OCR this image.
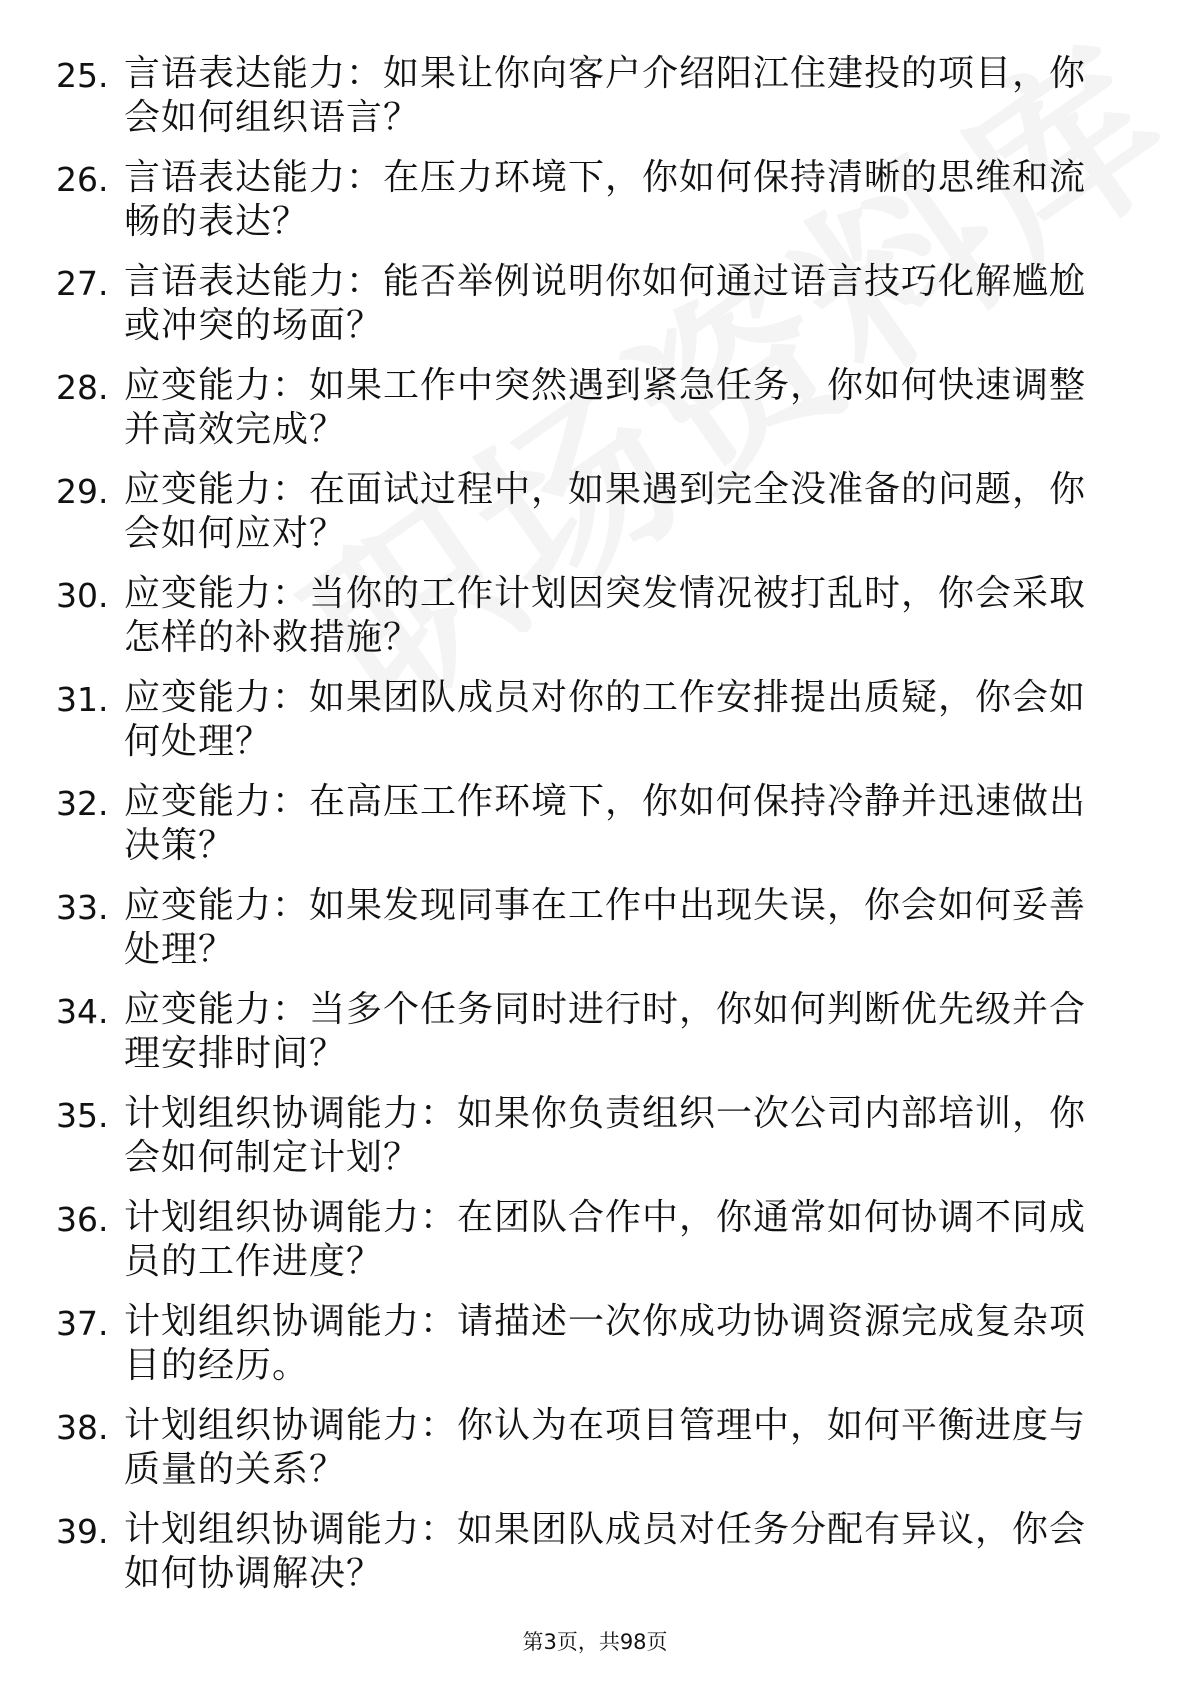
25. 言语表达能力：如果让你向客户介绍阳江住建投的项目，你会如何组织语言？
26. 言语表达能力：在压力环境下，你如何保持清晰的思维和流畅的表达？
27. 言语表达能力：能否举例说明你如何通过语言技巧化解尴尬或冲突的场面？
28. 应变能力：如果工作中突然遇到紧急任务，你如何快速调整并高效完成？
29. 应变能力：在面试过程中，如果遇到完全没准备的问题，你会如何应对？
30. 应变能力：当你的工作计划因突发情况被打乱时，你会采取怎样的补救措施？
31. 应变能力：如果团队成员对你的工作安排提出质疑，你会如何处理？
32. 应变能力：在高压工作环境下，你如何保持冷静并迅速做出决策？
33. 应变能力：如果发现同事在工作中出现失误，你会如何妥善处理？
34. 应变能力：当多个任务同时进行时，你如何判断优先级并合理安排时间？
35. 计划组织协调能力：如果你负责组织一次公司内部培训，你会如何制定计划？
36. 计划组织协调能力：在团队合作中，你通常如何协调不同成员的工作进度？
37. 计划组织协调能力：请描述一次你成功协调资源完成复杂项目的经历。
38. 计划组织协调能力：你认为在项目管理中，如何平衡进度与质量的关系？
39. 计划组织协调能力：如果团队成员对任务分配有异议，你会如何协调解决？
第3页，共98页
